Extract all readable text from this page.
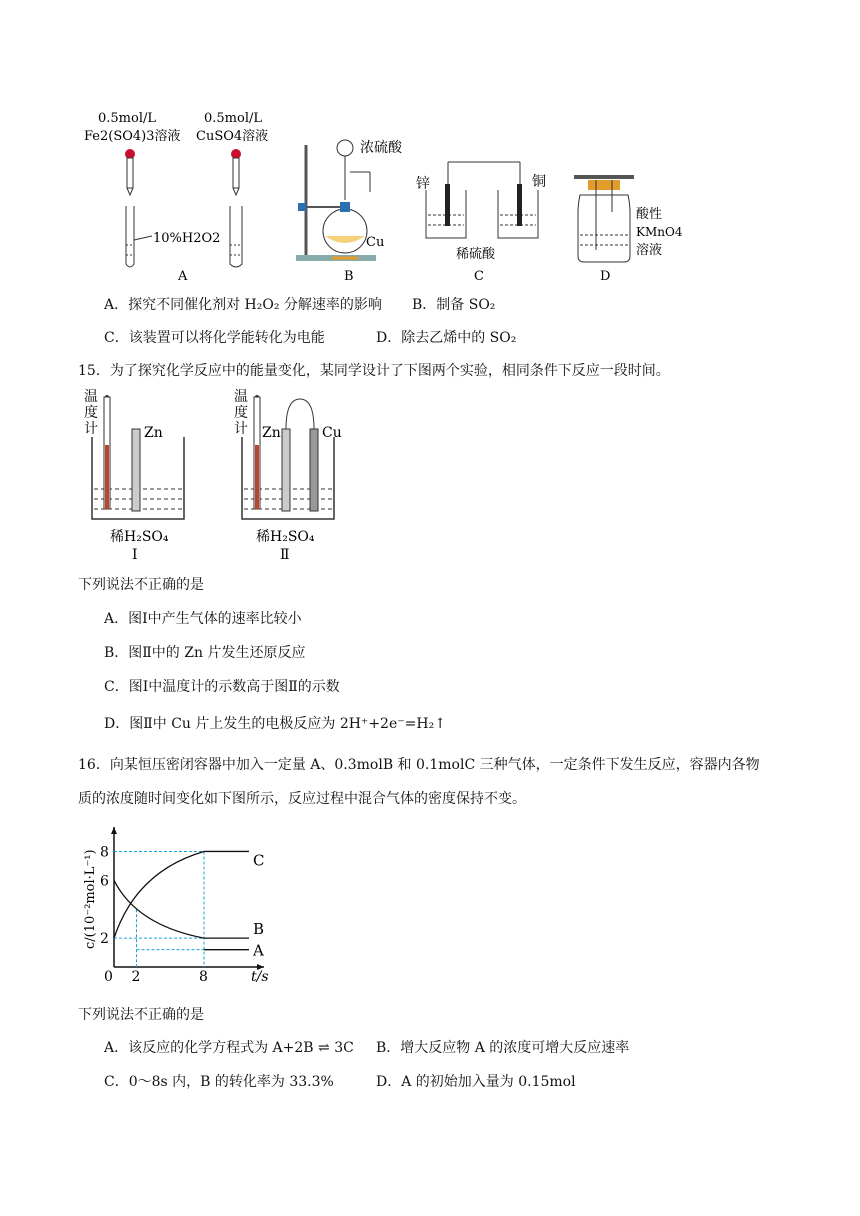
0.5mol/L
Fe2(SO4)3溶液
10%H2O2
0.5mol/L
CuSO4溶液
A
浓硫酸
Cu
B
锌	铜
稀硫酸
C
酸性
KMnO4
溶液
D
A．探究不同催化剂对 H₂O₂ 分解速率的影响 B．制备 SO₂
C．该装置可以将化学能转化为电能	D．除去乙烯中的 SO₂
15．为了探究化学反应中的能量变化，某同学设计了下图两个实验，相同条件下反应一段时间。
温
度
计	Zn
稀H₂SO₄
Ⅰ
温
度
计 Zn	Cu
稀H₂SO₄
Ⅱ
下列说法不正确的是
A．图Ⅰ中产生气体的速率比较小
B．图Ⅱ中的 Zn 片发生还原反应
C．图Ⅰ中温度计的示数高于图Ⅱ的示数
D．图Ⅱ中 Cu 片上发生的电极反应为 2H⁺+2e⁻=H₂↑
16．向某恒压密闭容器中加入一定量 A、0.3molB 和 0.1molC 三种气体，一定条件下发生反应，容器内各物
质的浓度随时间变化如下图所示，反应过程中混合气体的密度保持不变。
0 2	8
2
6
8
t/s
c/(10⁻²mol·L⁻¹)	C
B
A
下列说法不正确的是
A．该反应的化学方程式为 A+2B ⇌ 3C B．增大反应物 A 的浓度可增大反应速率
C．0～8s 内，B 的转化率为 33.3%	D．A 的初始加入量为 0.15mol
